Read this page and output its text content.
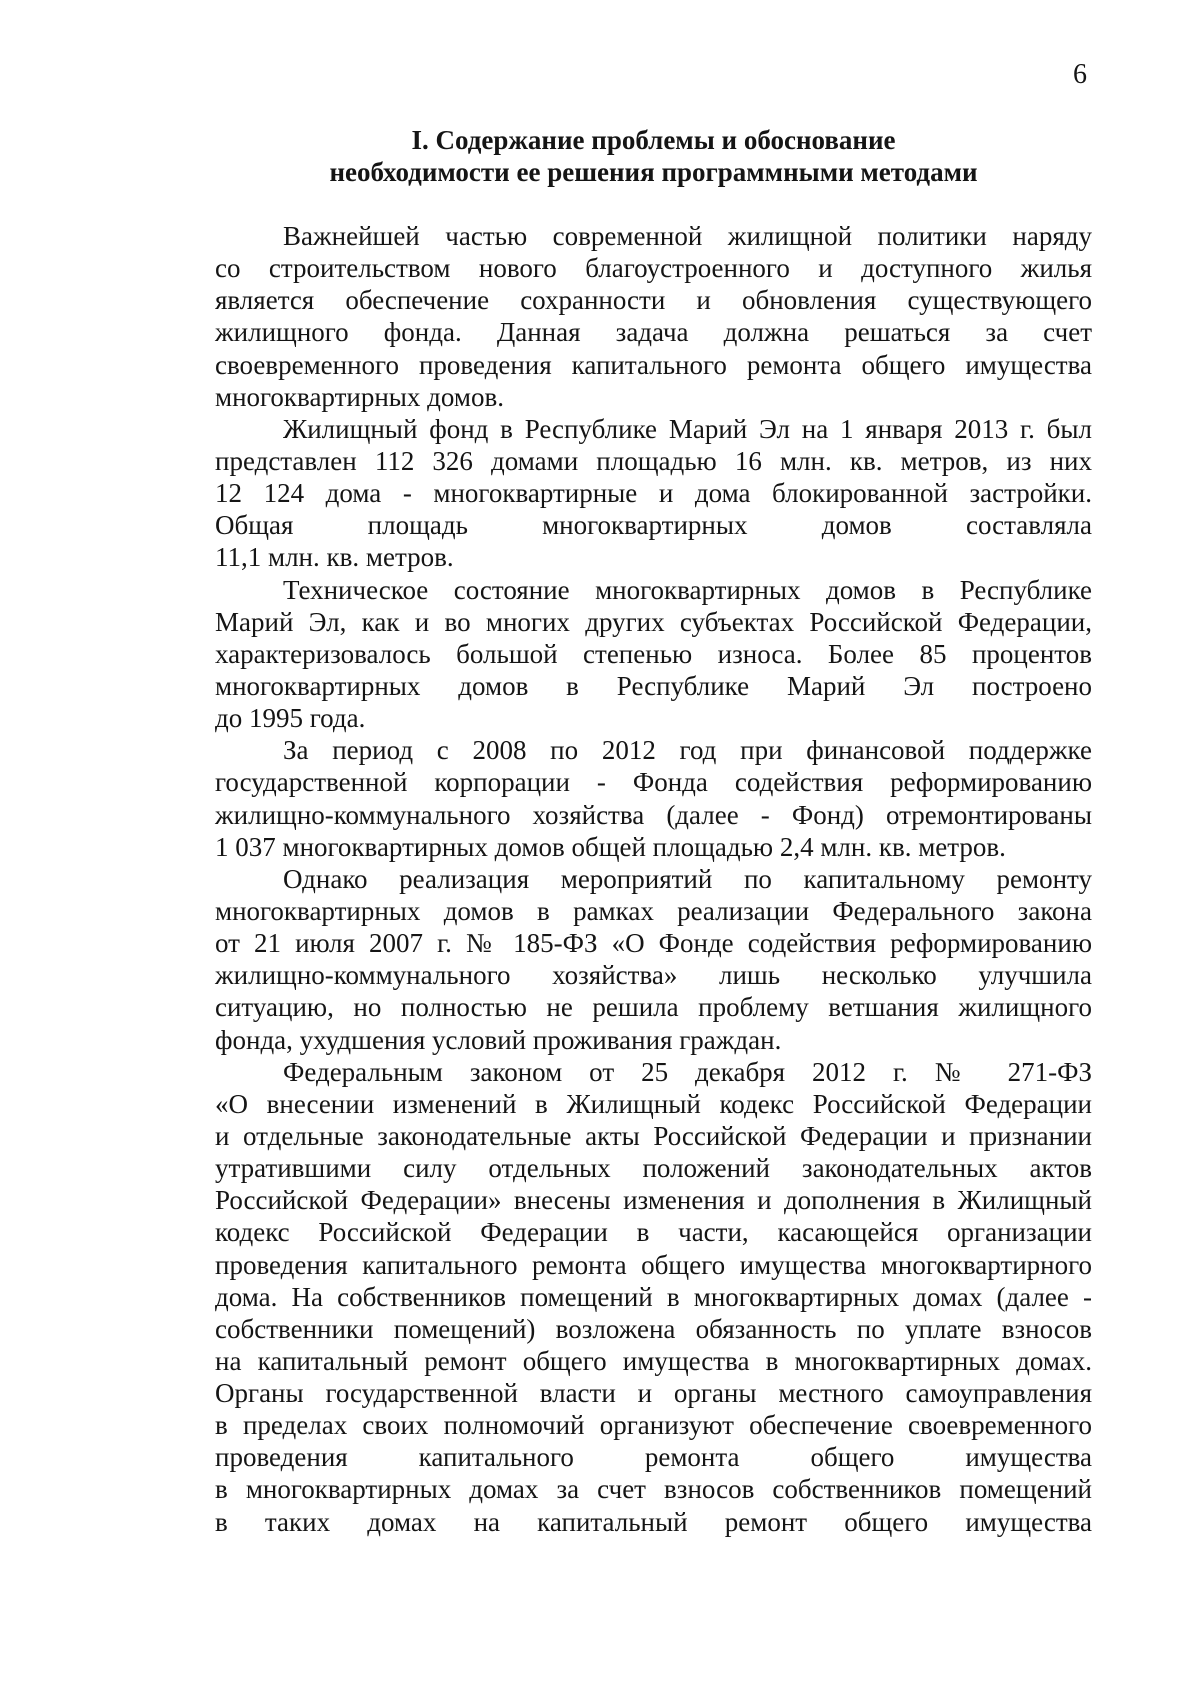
6
I. Содержание проблемы и обоснование
необходимости ее решения программными методами
Важнейшей частью современной жилищной политики наряду
со строительством нового благоустроенного и доступного жилья
является обеспечение сохранности и обновления существующего
жилищного фонда. Данная задача должна решаться за счет
своевременного проведения капитального ремонта общего имущества
многоквартирных домов.
Жилищный фонд в Республике Марий Эл на 1 января 2013 г. был
представлен 112 326 домами площадью 16 млн. кв. метров, из них
12 124 дома - многоквартирные и дома блокированной застройки.
Общая площадь многоквартирных домов составляла
11,1 млн. кв. метров.
Техническое состояние многоквартирных домов в Республике
Марий Эл, как и во многих других субъектах Российской Федерации,
характеризовалось большой степенью износа. Более 85 процентов
многоквартирных домов в Республике Марий Эл построено
до 1995 года.
За период с 2008 по 2012 год при финансовой поддержке
государственной корпорации - Фонда содействия реформированию
жилищно-коммунального хозяйства (далее - Фонд) отремонтированы
1 037 многоквартирных домов общей площадью 2,4 млн. кв. метров.
Однако реализация мероприятий по капитальному ремонту
многоквартирных домов в рамках реализации Федерального закона
от 21 июля 2007 г. № 185-ФЗ «О Фонде содействия реформированию
жилищно-коммунального хозяйства» лишь несколько улучшила
ситуацию, но полностью не решила проблему ветшания жилищного
фонда, ухудшения условий проживания граждан.
Федеральным законом от 25 декабря 2012 г. № 271-ФЗ
«О внесении изменений в Жилищный кодекс Российской Федерации
и отдельные законодательные акты Российской Федерации и признании
утратившими силу отдельных положений законодательных актов
Российской Федерации» внесены изменения и дополнения в Жилищный
кодекс Российской Федерации в части, касающейся организации
проведения капитального ремонта общего имущества многоквартирного
дома. На собственников помещений в многоквартирных домах (далее -
собственники помещений) возложена обязанность по уплате взносов
на капитальный ремонт общего имущества в многоквартирных домах.
Органы государственной власти и органы местного самоуправления
в пределах своих полномочий организуют обеспечение своевременного
проведения капитального ремонта общего имущества
в многоквартирных домах за счет взносов собственников помещений
в таких домах на капитальный ремонт общего имущества
